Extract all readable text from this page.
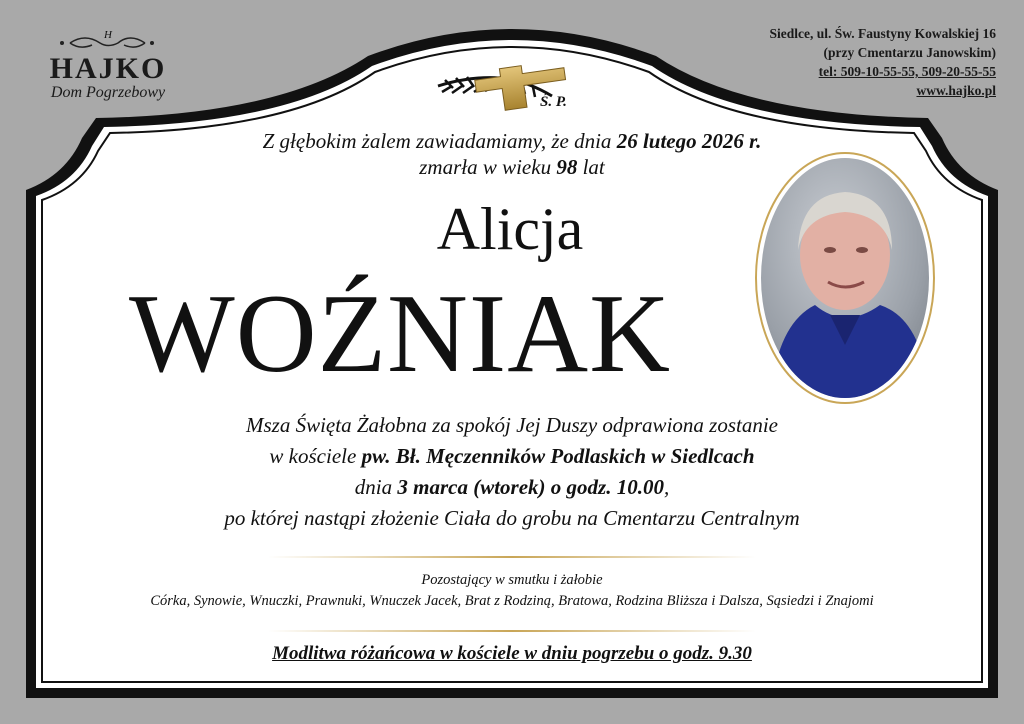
H
HAJKO
Dom Pogrzebowy
Siedlce, ul. Św. Faustyny Kowalskiej 16
(przy Cmentarzu Janowskim)
tel: 509-10-55-55, 509-20-55-55
www.hajko.pl
Ś. P.
Z głębokim żalem zawiadamiamy, że dnia 26 lutego 2026 r.
zmarła w wieku 98 lat
Alicja
WOŹNIAK
Msza Święta Żałobna za spokój Jej Duszy odprawiona zostanie
w kościele pw. Bł. Męczenników Podlaskich w Siedlcach
dnia 3 marca (wtorek) o godz. 10.00,
po której nastąpi złożenie Ciała do grobu na Cmentarzu Centralnym
Pozostający w smutku i żałobie
Córka, Synowie, Wnuczki, Prawnuki, Wnuczek Jacek, Brat z Rodziną, Bratowa, Rodzina Bliższa i Dalsza, Sąsiedzi i Znajomi
Modlitwa różańcowa w kościele w dniu pogrzebu o godz. 9.30
